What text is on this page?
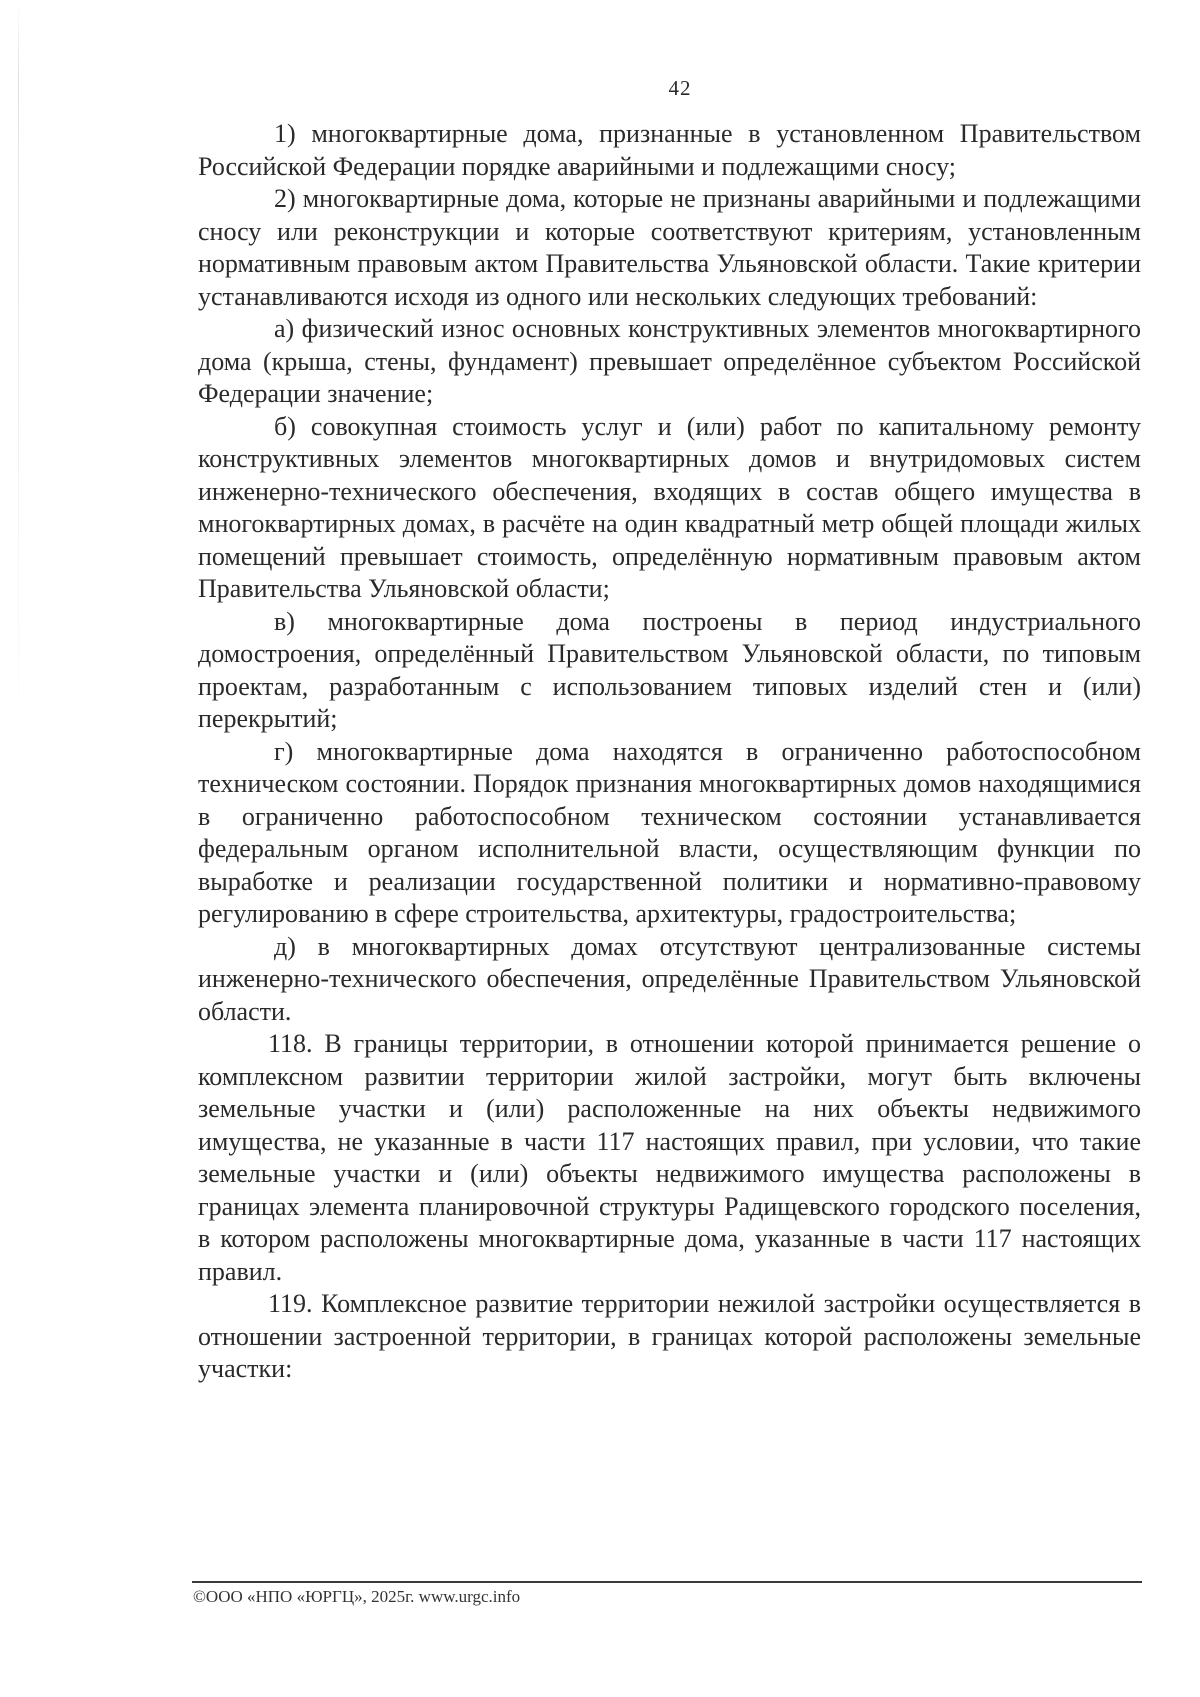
42

1) многоквартирные дома, признанные в установленном Правительством Российской Федерации порядке аварийными и подлежащими сносу;

2) многоквартирные дома, которые не признаны аварийными и подлежащими сносу или реконструкции и которые соответствуют критериям, установленным нормативным правовым актом Правительства Ульяновской области. Такие критерии устанавливаются исходя из одного или нескольких следующих требований:

а) физический износ основных конструктивных элементов многоквартирного дома (крыша, стены, фундамент) превышает определённое субъектом Российской Федерации значение;

б) совокупная стоимость услуг и (или) работ по капитальному ремонту конструктивных элементов многоквартирных домов и внутридомовых систем инженерно-технического обеспечения, входящих в состав общего имущества в многоквартирных домах, в расчёте на один квадратный метр общей площади жилых помещений превышает стоимость, определённую нормативным правовым актом Правительства Ульяновской области;

в) многоквартирные дома построены в период индустриального домостроения, определённый Правительством Ульяновской области, по типовым проектам, разработанным с использованием типовых изделий стен и (или) перекрытий;

г) многоквартирные дома находятся в ограниченно работоспособном техническом состоянии. Порядок признания многоквартирных домов находящимися в ограниченно работоспособном техническом состоянии устанавливается федеральным органом исполнительной власти, осуществляющим функции по выработке и реализации государственной политики и нормативно-правовому регулированию в сфере строительства, архитектуры, градостроительства;

д) в многоквартирных домах отсутствуют централизованные системы инженерно-технического обеспечения, определённые Правительством Ульяновской области.

118. В границы территории, в отношении которой принимается решение о комплексном развитии территории жилой застройки, могут быть включены земельные участки и (или) расположенные на них объекты недвижимого имущества, не указанные в части 117 настоящих правил, при условии, что такие земельные участки и (или) объекты недвижимого имущества расположены в границах элемента планировочной структуры Радищевского городского поселения, в котором расположены многоквартирные дома, указанные в части 117 настоящих правил.

119. Комплексное развитие территории нежилой застройки осуществляется в отношении застроенной территории, в границах которой расположены земельные участки:

©ООО «НПО «ЮРГЦ», 2025г. www.urgc.info
